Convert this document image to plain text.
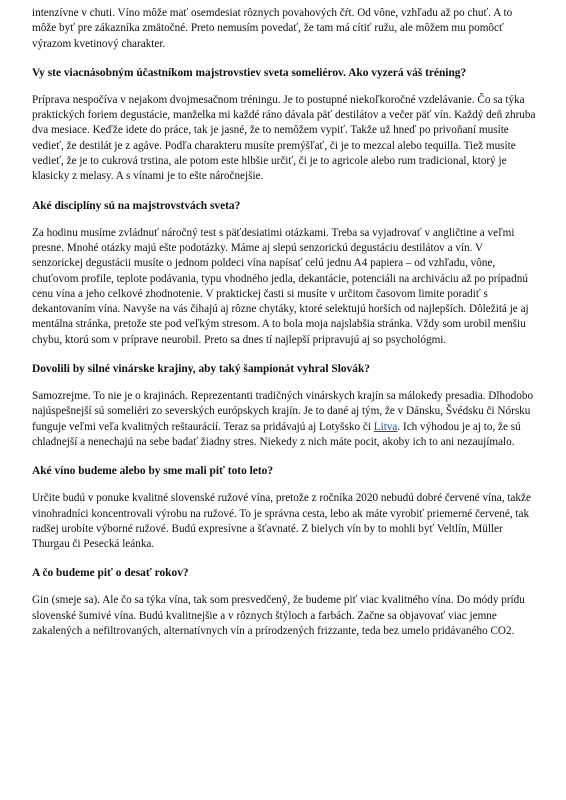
intenzívne v chuti. Víno môže mať osemdesiat rôznych povahových čŕt. Od vône, vzhľadu až po chuť. A to môže byť pre zákazníka zmätočné. Preto nemusím povedať, že tam má cítiť ružu, ale môžem mu pomôcť výrazom kvetinový charakter.

Vy ste viacnásobným účastníkom majstrovstiev sveta someliérov. Ako vyzerá váš tréning?

Príprava nespočíva v nejakom dvojmesačnom tréningu. Je to postupné niekoľkoročné vzdelávanie. Čo sa týka praktických foriem degustácie, manželka mi každé ráno dávala päť destilátov a večer päť vín. Každý deň zhruba dva mesiace. Keďže idete do práce, tak je jasné, že to nemôžem vypiť. Takže už hneď po privoňaní musíte vedieť, že destilát je z agáve. Podľa charakteru musíte premýšľať, či je to mezcal alebo tequilla. Tiež musíte vedieť, že je to cukrová trstina, ale potom este hlbšie určiť, či je to agricole alebo rum tradicional, ktorý je klasicky z melasy. A s vínami je to ešte náročnejšie.

Aké disciplíny sú na majstrovstvách sveta?

Za hodinu musíme zvládnuť náročný test s päťdesiatimi otázkami. Treba sa vyjadrovať v angličtine a veľmi presne. Mnohé otázky majú ešte podotázky. Máme aj slepú senzorickú degustáciu destilátov a vín. V senzorickej degustácii musíte o jednom poldeci vína napísať celú jednu A4 papiera – od vzhľadu, vône, chuťovom profile, teplote podávania, typu vhodného jedla, dekantácie, potenciáli na archiváciu až po prípadnú cenu vína a jeho celkové zhodnotenie. V praktickej časti si musíte v určitom časovom limite poradiť s dekantovaním vína. Navyše na vás čihajú aj rôzne chytáky, ktoré selektujú horších od najlepších. Dôležitá je aj mentálna stránka, pretože ste pod veľkým stresom. A to bola moja najslabšia stránka. Vždy som urobil menšiu chybu, ktorú som v príprave neurobil. Preto sa dnes tí najlepší pripravujú aj so psychológmi.

Dovolili by silné vinárske krajiny, aby taký šampionát vyhral Slovák?

Samozrejme. To nie je o krajinách. Reprezentanti tradičných vinárskych krajín sa málokedy presadia. Dlhodobo najúspešnejší sú someliéri zo severských európskych krajín. Je to dané aj tým, že v Dánsku, Švédsku či Nórsku funguje veľmi veľa kvalitných reštaurácií. Teraz sa pridávajú aj Lotyšsko či Litva. Ich výhodou je aj to, že sú chladnejší a nenechajú na sebe badať žiadny stres. Niekedy z nich máte pocit, akoby ich to ani nezaujímalo.

Aké víno budeme alebo by sme mali piť toto leto?

Určite budú v ponuke kvalitné slovenské ružové vína, pretože z ročníka 2020 nebudú dobré červené vína, takže vinohradníci koncentrovali výrobu na ružové. To je správna cesta, lebo ak máte vyrobiť priemerné červené, tak radšej urobíte výborné ružové. Budú expresívne a šťavnaté. Z bielych vín by to mohli byť Veltlín, Müller Thurgau či Pesecká leánka.

A čo budeme piť o desať rokov?

Gin (smeje sa). Ale čo sa týka vína, tak som presvedčený, že budeme piť viac kvalitného vína. Do módy prídu slovenské šumivé vína. Budú kvalitnejšie a v rôznych štýloch a farbách. Začne sa objavovať viac jemne zakalených a nefiltrovaných, alternatívnych vín a prírodzených frizzante, teda bez umelo pridávaného CO2.
